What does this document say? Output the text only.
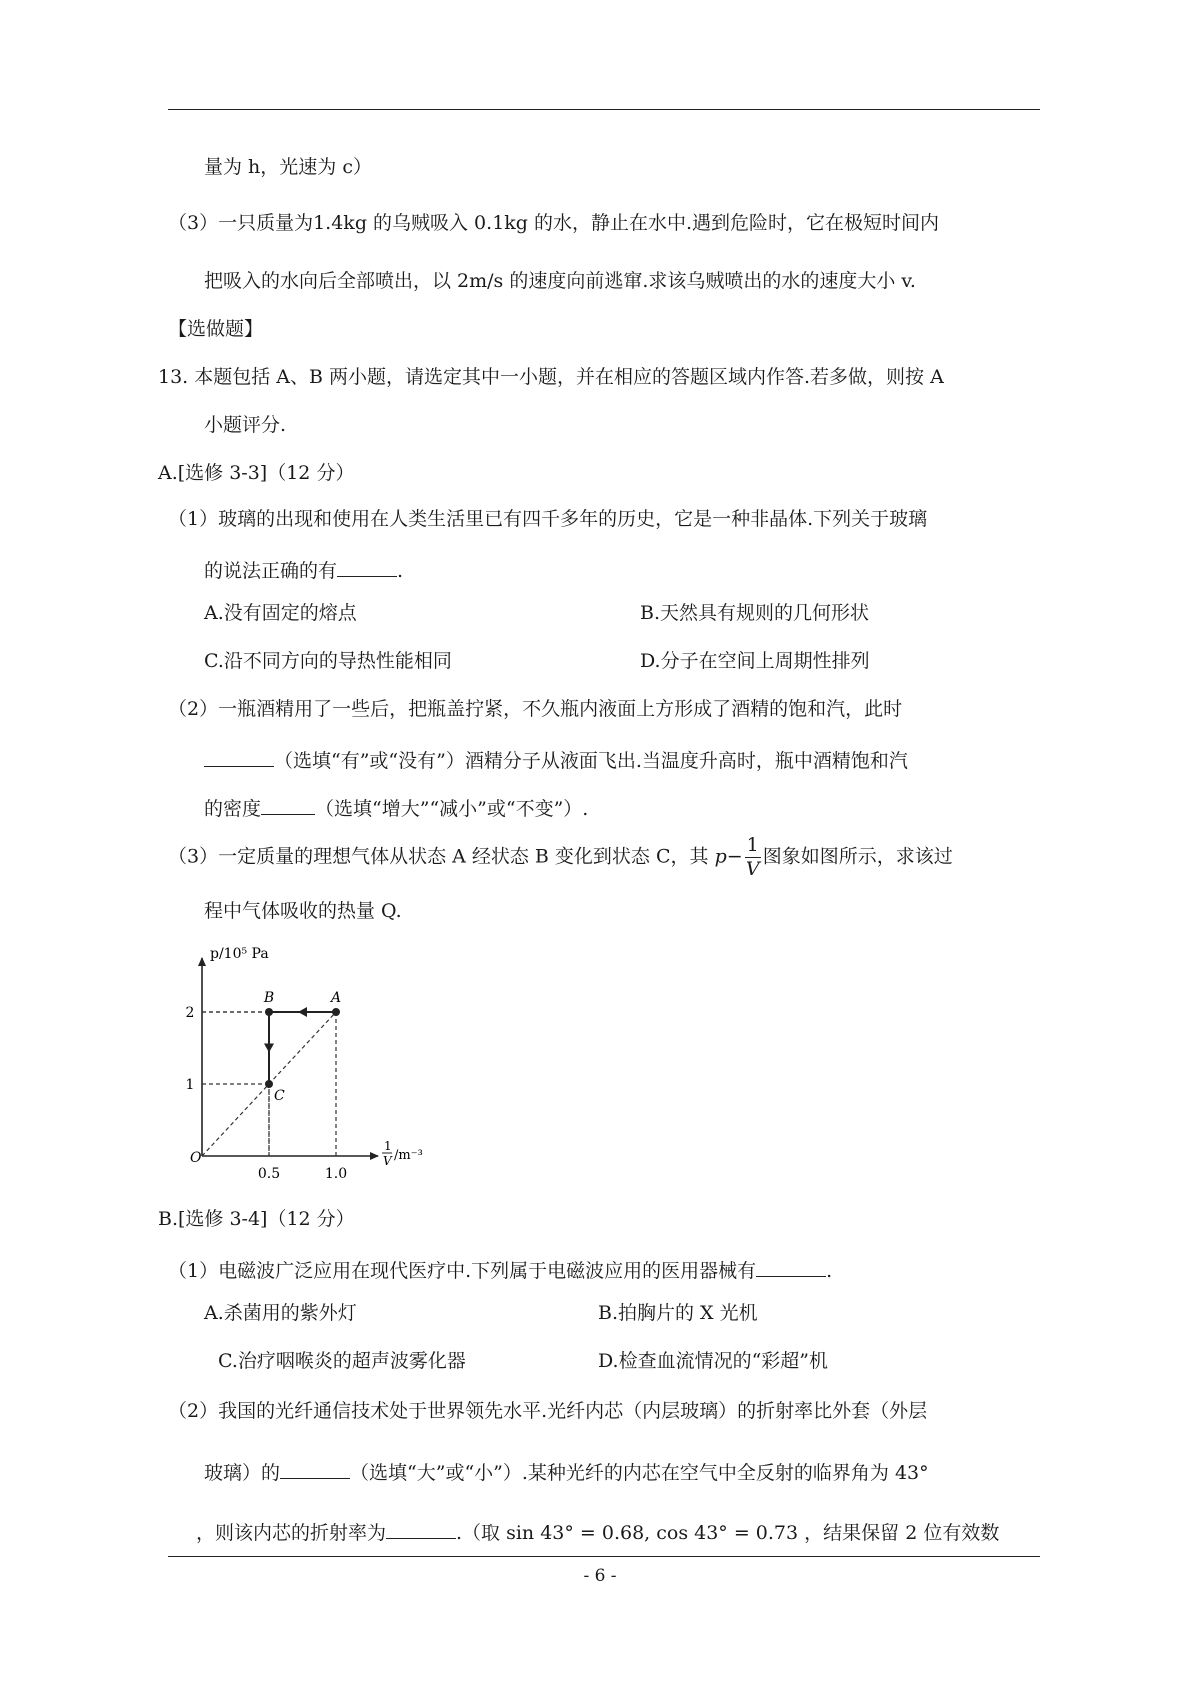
量为 h，光速为 c）
（3）一只质量为1.4kg 的乌贼吸入 0.1kg 的水，静止在水中.遇到危险时，它在极短时间内
把吸入的水向后全部喷出，以 2m/s 的速度向前逃窜.求该乌贼喷出的水的速度大小 v.
【选做题】
13. 本题包括 A、B 两小题，请选定其中一小题，并在相应的答题区域内作答.若多做，则按 A
小题评分.
A.[选修 3-3]（12 分）
（1）玻璃的出现和使用在人类生活里已有四千多年的历史，它是一种非晶体.下列关于玻璃
的说法正确的有	.
A.没有固定的熔点	B.天然具有规则的几何形状
C.沿不同方向的导热性能相同	D.分子在空间上周期性排列
（2）一瓶酒精用了一些后，把瓶盖拧紧，不久瓶内液面上方形成了酒精的饱和汽，此时
（选填“有”或“没有”）酒精分子从液面飞出.当温度升高时，瓶中酒精饱和汽
的密度	（选填“增大”“减小”或“不变”）.
（3）一定质量的理想气体从状态 A 经状态 B 变化到状态 C，其 $p- \frac{1}{V}$ 图象如图所示，求该过
程中气体吸收的热量 Q.
p/10⁵ Pa
O
0.5	1.0
1
2
A
B
C
1
V /m⁻³
B.[选修 3-4]（12 分）
（1）电磁波广泛应用在现代医疗中.下列属于电磁波应用的医用器械有	.
A.杀菌用的紫外灯	B.拍胸片的 X 光机
C.治疗咽喉炎的超声波雾化器	D.检查血流情况的“彩超”机
（2）我国的光纤通信技术处于世界领先水平.光纤内芯（内层玻璃）的折射率比外套（外层
玻璃）的	（选填“大”或“小”）.某种光纤的内芯在空气中全反射的临界角为 43°
，则该内芯的折射率为	.（取 sin 43° = 0.68, cos 43° = 0.73 ，结果保留 2 位有效数
- 6 -
